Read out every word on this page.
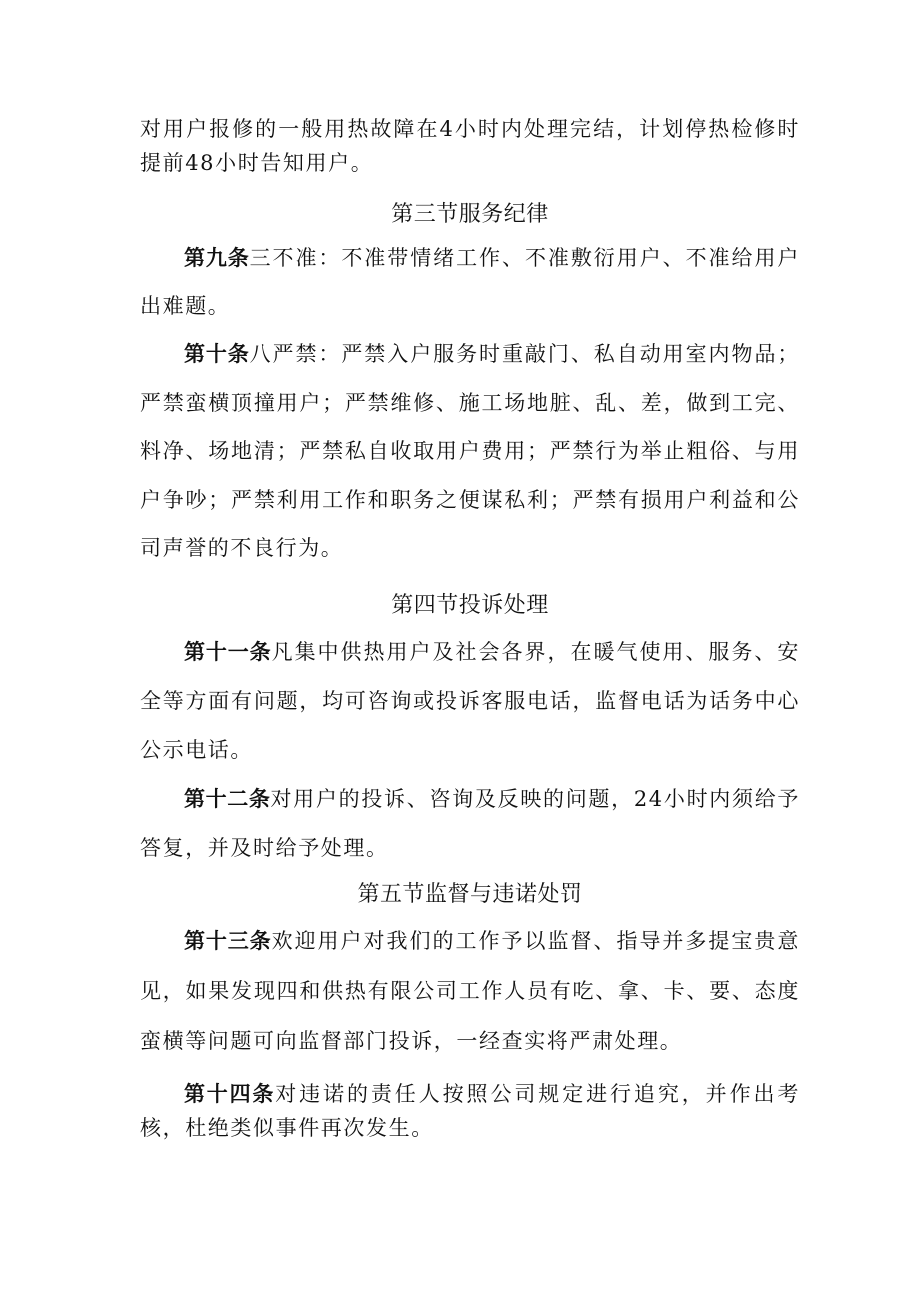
对用户报修的一般用热故障在4小时内处理完结，计划停热检修时提前48小时告知用户。

第三节服务纪律

第九条三不准：不准带情绪工作、不准敷衍用户、不准给用户出难题。

第十条八严禁：严禁入户服务时重敲门、私自动用室内物品；严禁蛮横顶撞用户；严禁维修、施工场地脏、乱、差，做到工完、料净、场地清；严禁私自收取用户费用；严禁行为举止粗俗、与用户争吵；严禁利用工作和职务之便谋私利；严禁有损用户利益和公司声誉的不良行为。

第四节投诉处理

第十一条凡集中供热用户及社会各界，在暖气使用、服务、安全等方面有问题，均可咨询或投诉客服电话，监督电话为话务中心公示电话。

第十二条对用户的投诉、咨询及反映的问题，24小时内须给予答复，并及时给予处理。

第五节监督与违诺处罚

第十三条欢迎用户对我们的工作予以监督、指导并多提宝贵意见，如果发现四和供热有限公司工作人员有吃、拿、卡、要、态度蛮横等问题可向监督部门投诉，一经查实将严肃处理。

第十四条对违诺的责任人按照公司规定进行追究，并作出考核，杜绝类似事件再次发生。
